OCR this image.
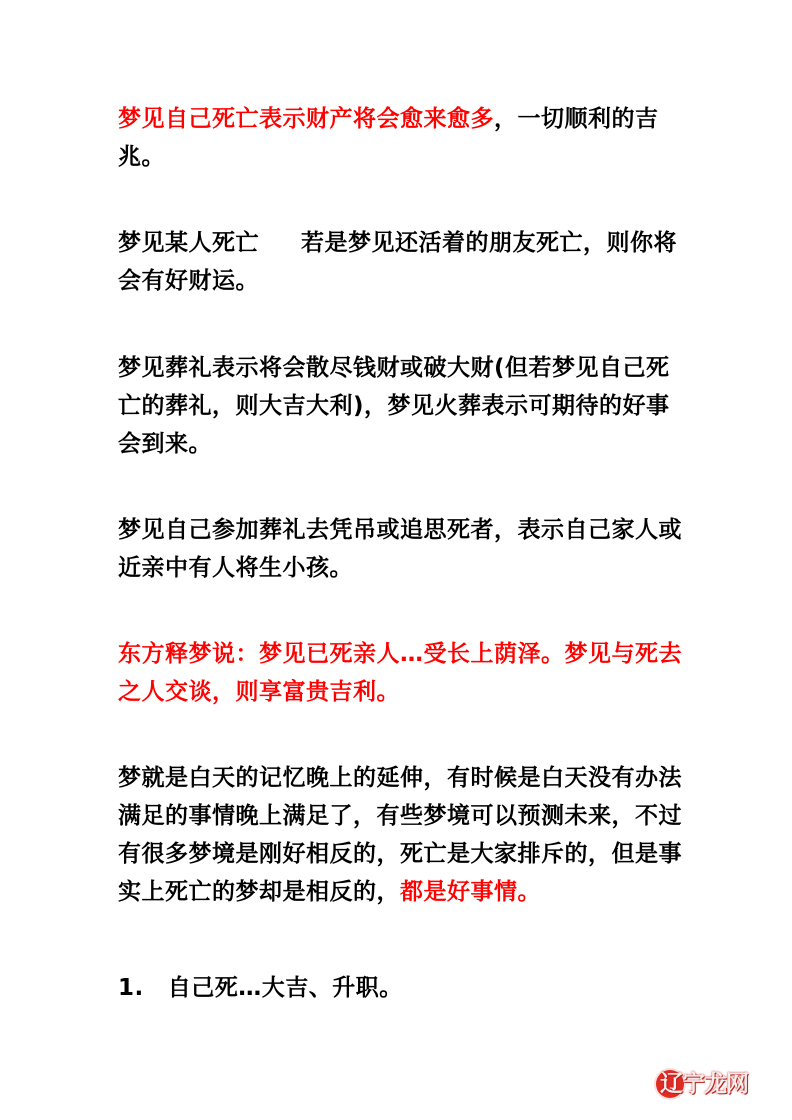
梦见自己死亡表示财产将会愈来愈多，一切顺利的吉兆。

梦见某人死亡 若是梦见还活着的朋友死亡，则你将会有好财运。

梦见葬礼表示将会散尽钱财或破大财(但若梦见自己死亡的葬礼，则大吉大利)，梦见火葬表示可期待的好事会到来。

梦见自己参加葬礼去凭吊或追思死者，表示自己家人或近亲中有人将生小孩。

东方释梦说：梦见已死亲人…受长上荫泽。梦见与死去之人交谈，则享富贵吉利。

梦就是白天的记忆晚上的延伸，有时候是白天没有办法满足的事情晚上满足了，有些梦境可以预测未来，不过有很多梦境是刚好相反的，死亡是大家排斥的，但是事实上死亡的梦却是相反的，都是好事情。

1. 自己死…大吉、升职。

辽宁龙网
